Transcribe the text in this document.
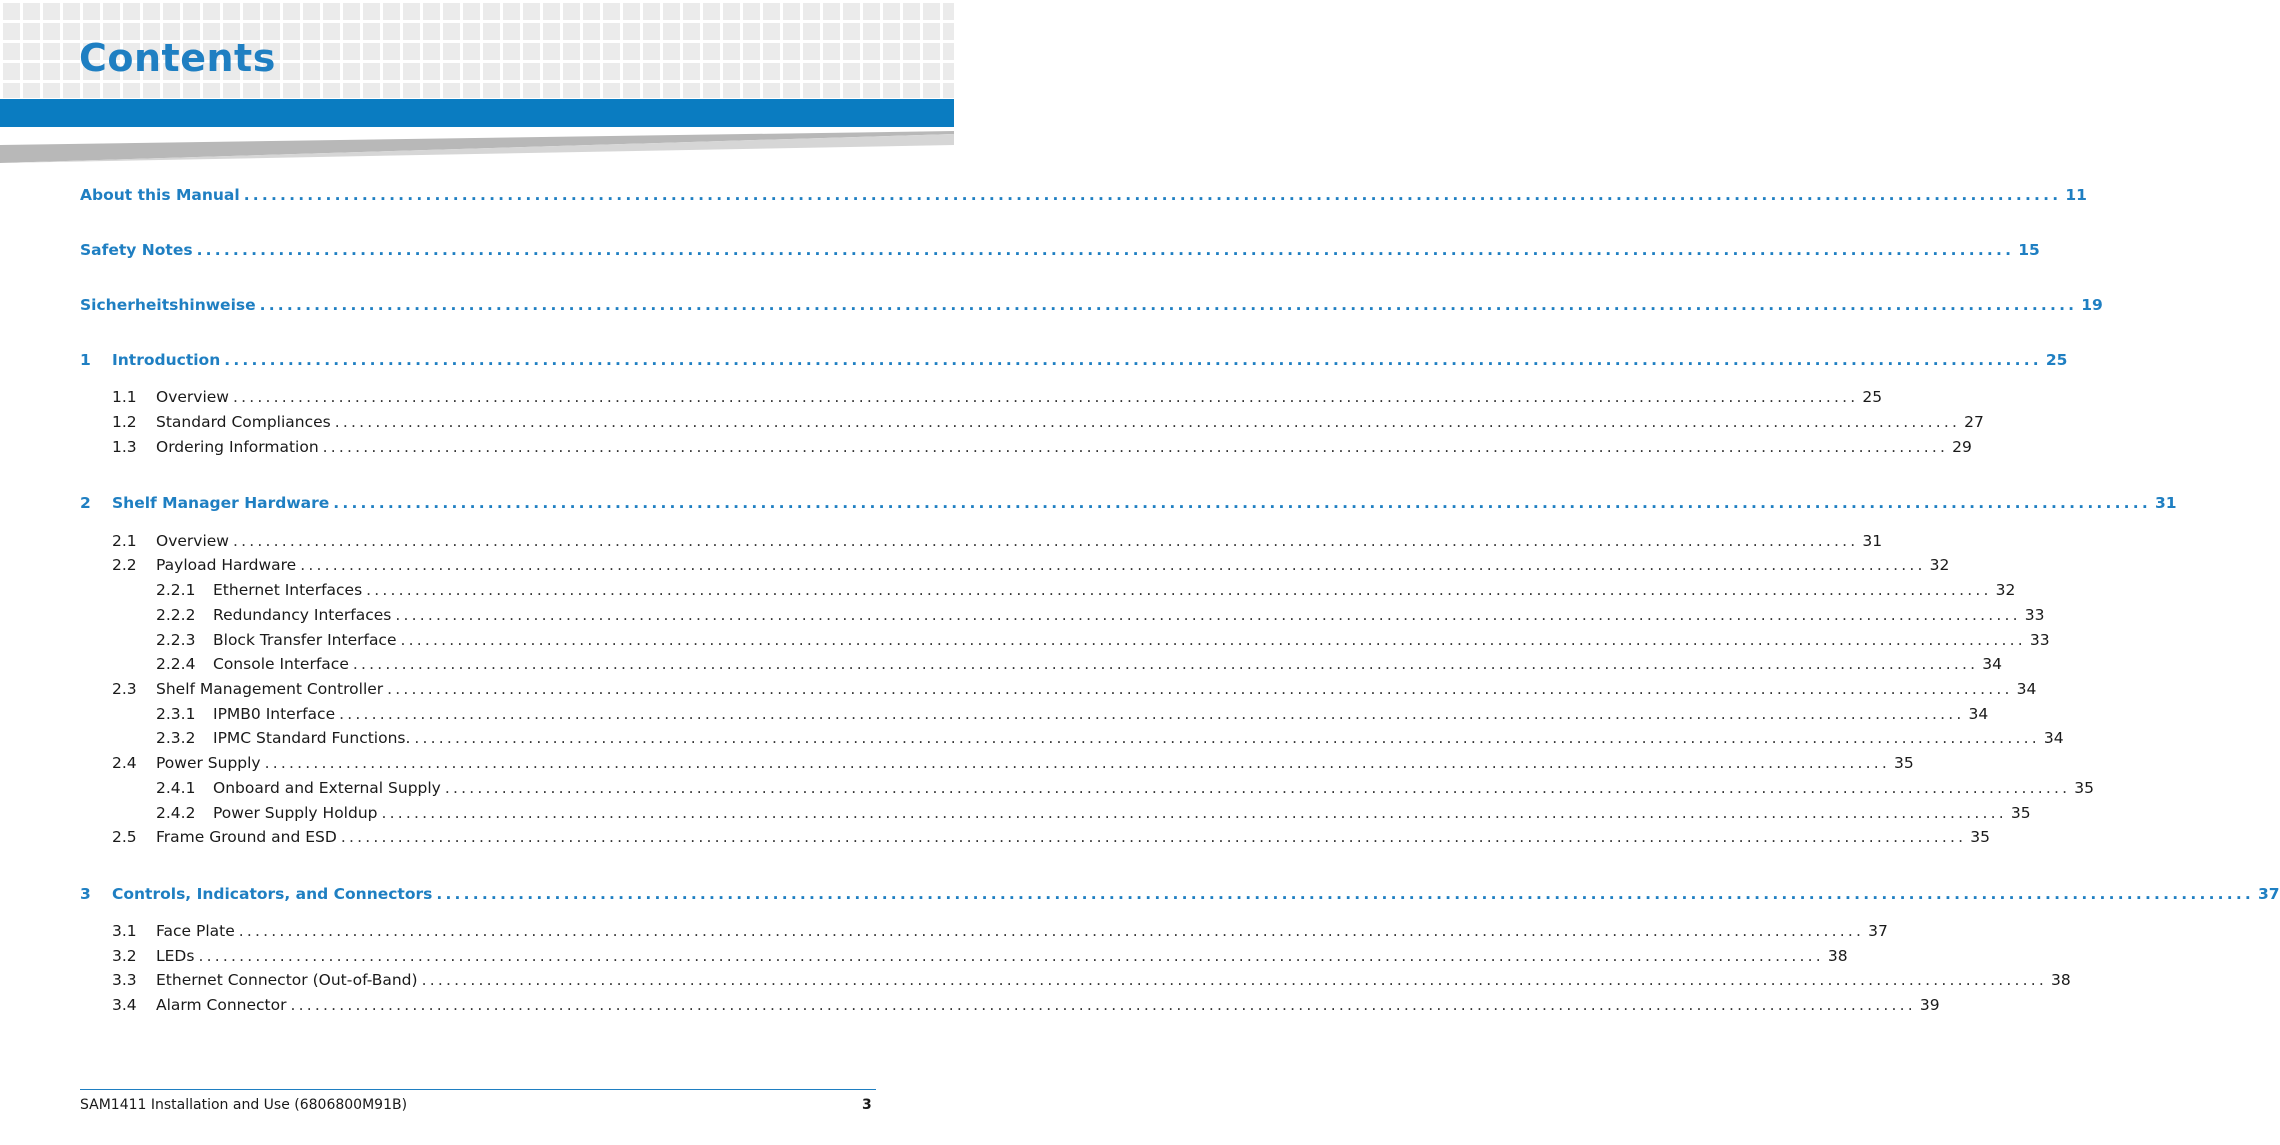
Contents
About this Manual ........................................................................................................................................................................................................ 11
Safety Notes ........................................................................................................................................................................................................ 15
Sicherheitshinweise ........................................................................................................................................................................................................ 19
1	Introduction ........................................................................................................................................................................................................ 25
1.1	Overview ........................................................................................................................................................................................................ 25
1.2	Standard Compliances ........................................................................................................................................................................................................ 27
1.3	Ordering Information ........................................................................................................................................................................................................ 29
2	Shelf Manager Hardware ........................................................................................................................................................................................................ 31
2.1	Overview ........................................................................................................................................................................................................ 31
2.2	Payload Hardware ........................................................................................................................................................................................................ 32
2.2.1	Ethernet Interfaces ........................................................................................................................................................................................................ 32
2.2.2	Redundancy Interfaces ........................................................................................................................................................................................................ 33
2.2.3	Block Transfer Interface ........................................................................................................................................................................................................ 33
2.2.4	Console Interface ........................................................................................................................................................................................................ 34
2.3	Shelf Management Controller ........................................................................................................................................................................................................ 34
2.3.1	IPMB0 Interface ........................................................................................................................................................................................................ 34
2.3.2	IPMC Standard Functions. ........................................................................................................................................................................................................ 34
2.4	Power Supply ........................................................................................................................................................................................................ 35
2.4.1	Onboard and External Supply ........................................................................................................................................................................................................ 35
2.4.2	Power Supply Holdup ........................................................................................................................................................................................................ 35
2.5	Frame Ground and ESD ........................................................................................................................................................................................................ 35
3	Controls, Indicators, and Connectors ........................................................................................................................................................................................................ 37
3.1	Face Plate ........................................................................................................................................................................................................ 37
3.2	LEDs ........................................................................................................................................................................................................ 38
3.3	Ethernet Connector (Out-of-Band) ........................................................................................................................................................................................................ 38
3.4	Alarm Connector ........................................................................................................................................................................................................ 39
SAM1411 Installation and Use (6806800M91B)	3
